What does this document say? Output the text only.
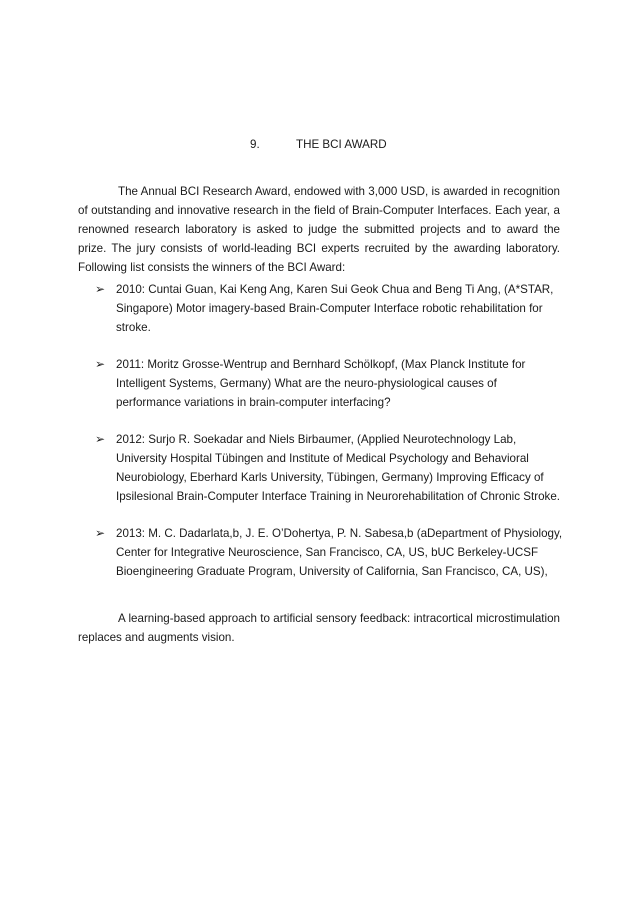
9.	THE BCI AWARD

The Annual BCI Research Award, endowed with 3,000 USD, is awarded in recognition of outstanding and innovative research in the field of Brain-Computer Interfaces. Each year, a renowned research laboratory is asked to judge the submitted projects and to award the prize. The jury consists of world-leading BCI experts recruited by the awarding laboratory. Following list consists the winners of the BCI Award:

➢ 2010: Cuntai Guan, Kai Keng Ang, Karen Sui Geok Chua and Beng Ti Ang, (A*STAR, Singapore) Motor imagery-based Brain-Computer Interface robotic rehabilitation for stroke.
➢ 2011: Moritz Grosse-Wentrup and Bernhard Schölkopf, (Max Planck Institute for Intelligent Systems, Germany) What are the neuro-physiological causes of performance variations in brain-computer interfacing?
➢ 2012: Surjo R. Soekadar and Niels Birbaumer, (Applied Neurotechnology Lab, University Hospital Tübingen and Institute of Medical Psychology and Behavioral Neurobiology, Eberhard Karls University, Tübingen, Germany) Improving Efficacy of Ipsilesional Brain-Computer Interface Training in Neurorehabilitation of Chronic Stroke.
➢ 2013: M. C. Dadarlata,b, J. E. O’Dohertya, P. N. Sabesa,b (aDepartment of Physiology, Center for Integrative Neuroscience, San Francisco, CA, US, bUC Berkeley-UCSF Bioengineering Graduate Program, University of California, San Francisco, CA, US),

A learning-based approach to artificial sensory feedback: intracortical microstimulation replaces and augments vision.
